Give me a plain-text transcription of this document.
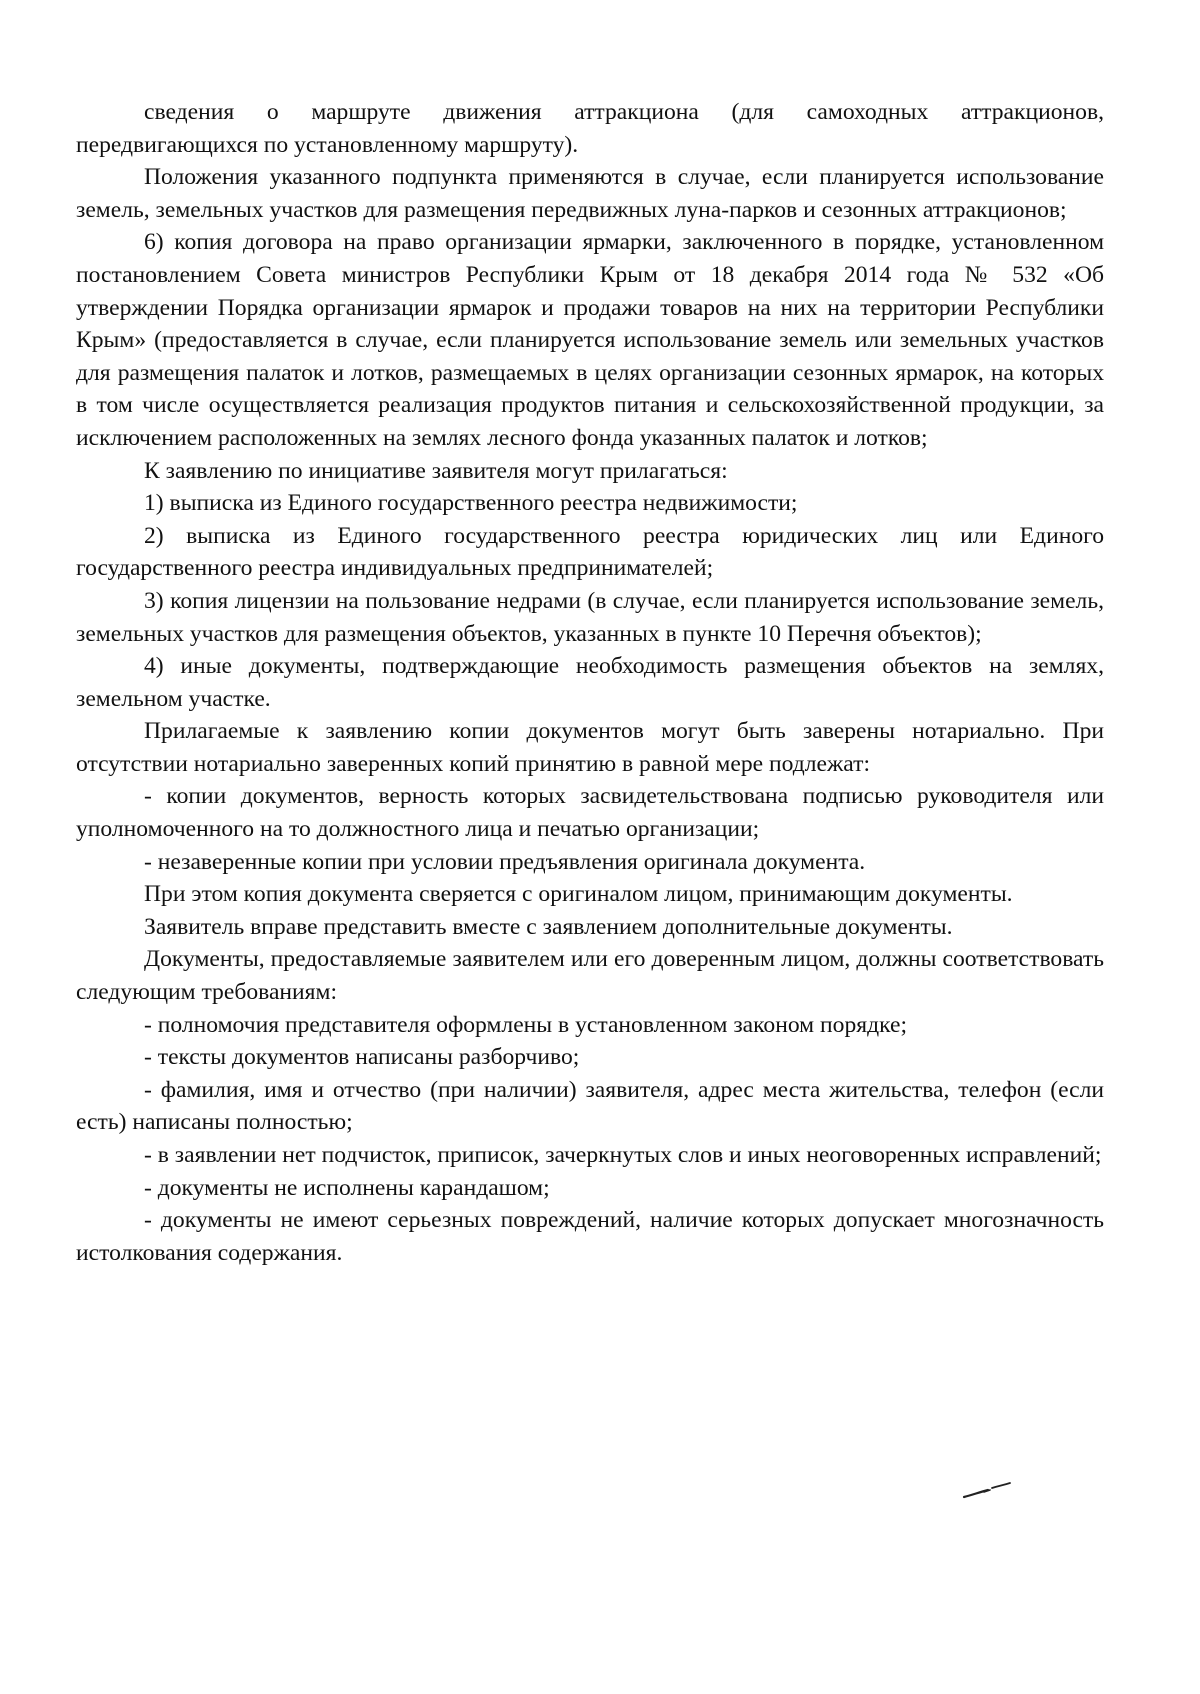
сведения о маршруте движения аттракциона (для самоходных аттракционов, передвигающихся по установленному маршруту).

Положения указанного подпункта применяются в случае, если планируется использование земель, земельных участков для размещения передвижных луна-парков и сезонных аттракционов;

6) копия договора на право организации ярмарки, заключенного в порядке, установленном постановлением Совета министров Республики Крым от 18 декабря 2014 года № 532 «Об утверждении Порядка организации ярмарок и продажи товаров на них на территории Республики Крым» (предоставляется в случае, если планируется использование земель или земельных участков для размещения палаток и лотков, размещаемых в целях организации сезонных ярмарок, на которых в том числе осуществляется реализация продуктов питания и сельскохозяйственной продукции, за исключением расположенных на землях лесного фонда указанных палаток и лотков;

К заявлению по инициативе заявителя могут прилагаться:

1) выписка из Единого государственного реестра недвижимости;

2) выписка из Единого государственного реестра юридических лиц или Единого государственного реестра индивидуальных предпринимателей;

3) копия лицензии на пользование недрами (в случае, если планируется использование земель, земельных участков для размещения объектов, указанных в пункте 10 Перечня объектов);

4) иные документы, подтверждающие необходимость размещения объектов на землях, земельном участке.

Прилагаемые к заявлению копии документов могут быть заверены нотариально. При отсутствии нотариально заверенных копий принятию в равной мере подлежат:

- копии документов, верность которых засвидетельствована подписью руководителя или уполномоченного на то должностного лица и печатью организации;

- незаверенные копии при условии предъявления оригинала документа.

При этом копия документа сверяется с оригиналом лицом, принимающим документы.

Заявитель вправе представить вместе с заявлением дополнительные документы.

Документы, предоставляемые заявителем или его доверенным лицом, должны соответствовать следующим требованиям:

- полномочия представителя оформлены в установленном законом порядке;

- тексты документов написаны разборчиво;

- фамилия, имя и отчество (при наличии) заявителя, адрес места жительства, телефон (если есть) написаны полностью;

- в заявлении нет подчисток, приписок, зачеркнутых слов и иных неоговоренных исправлений;

- документы не исполнены карандашом;

- документы не имеют серьезных повреждений, наличие которых допускает многозначность истолкования содержания.
